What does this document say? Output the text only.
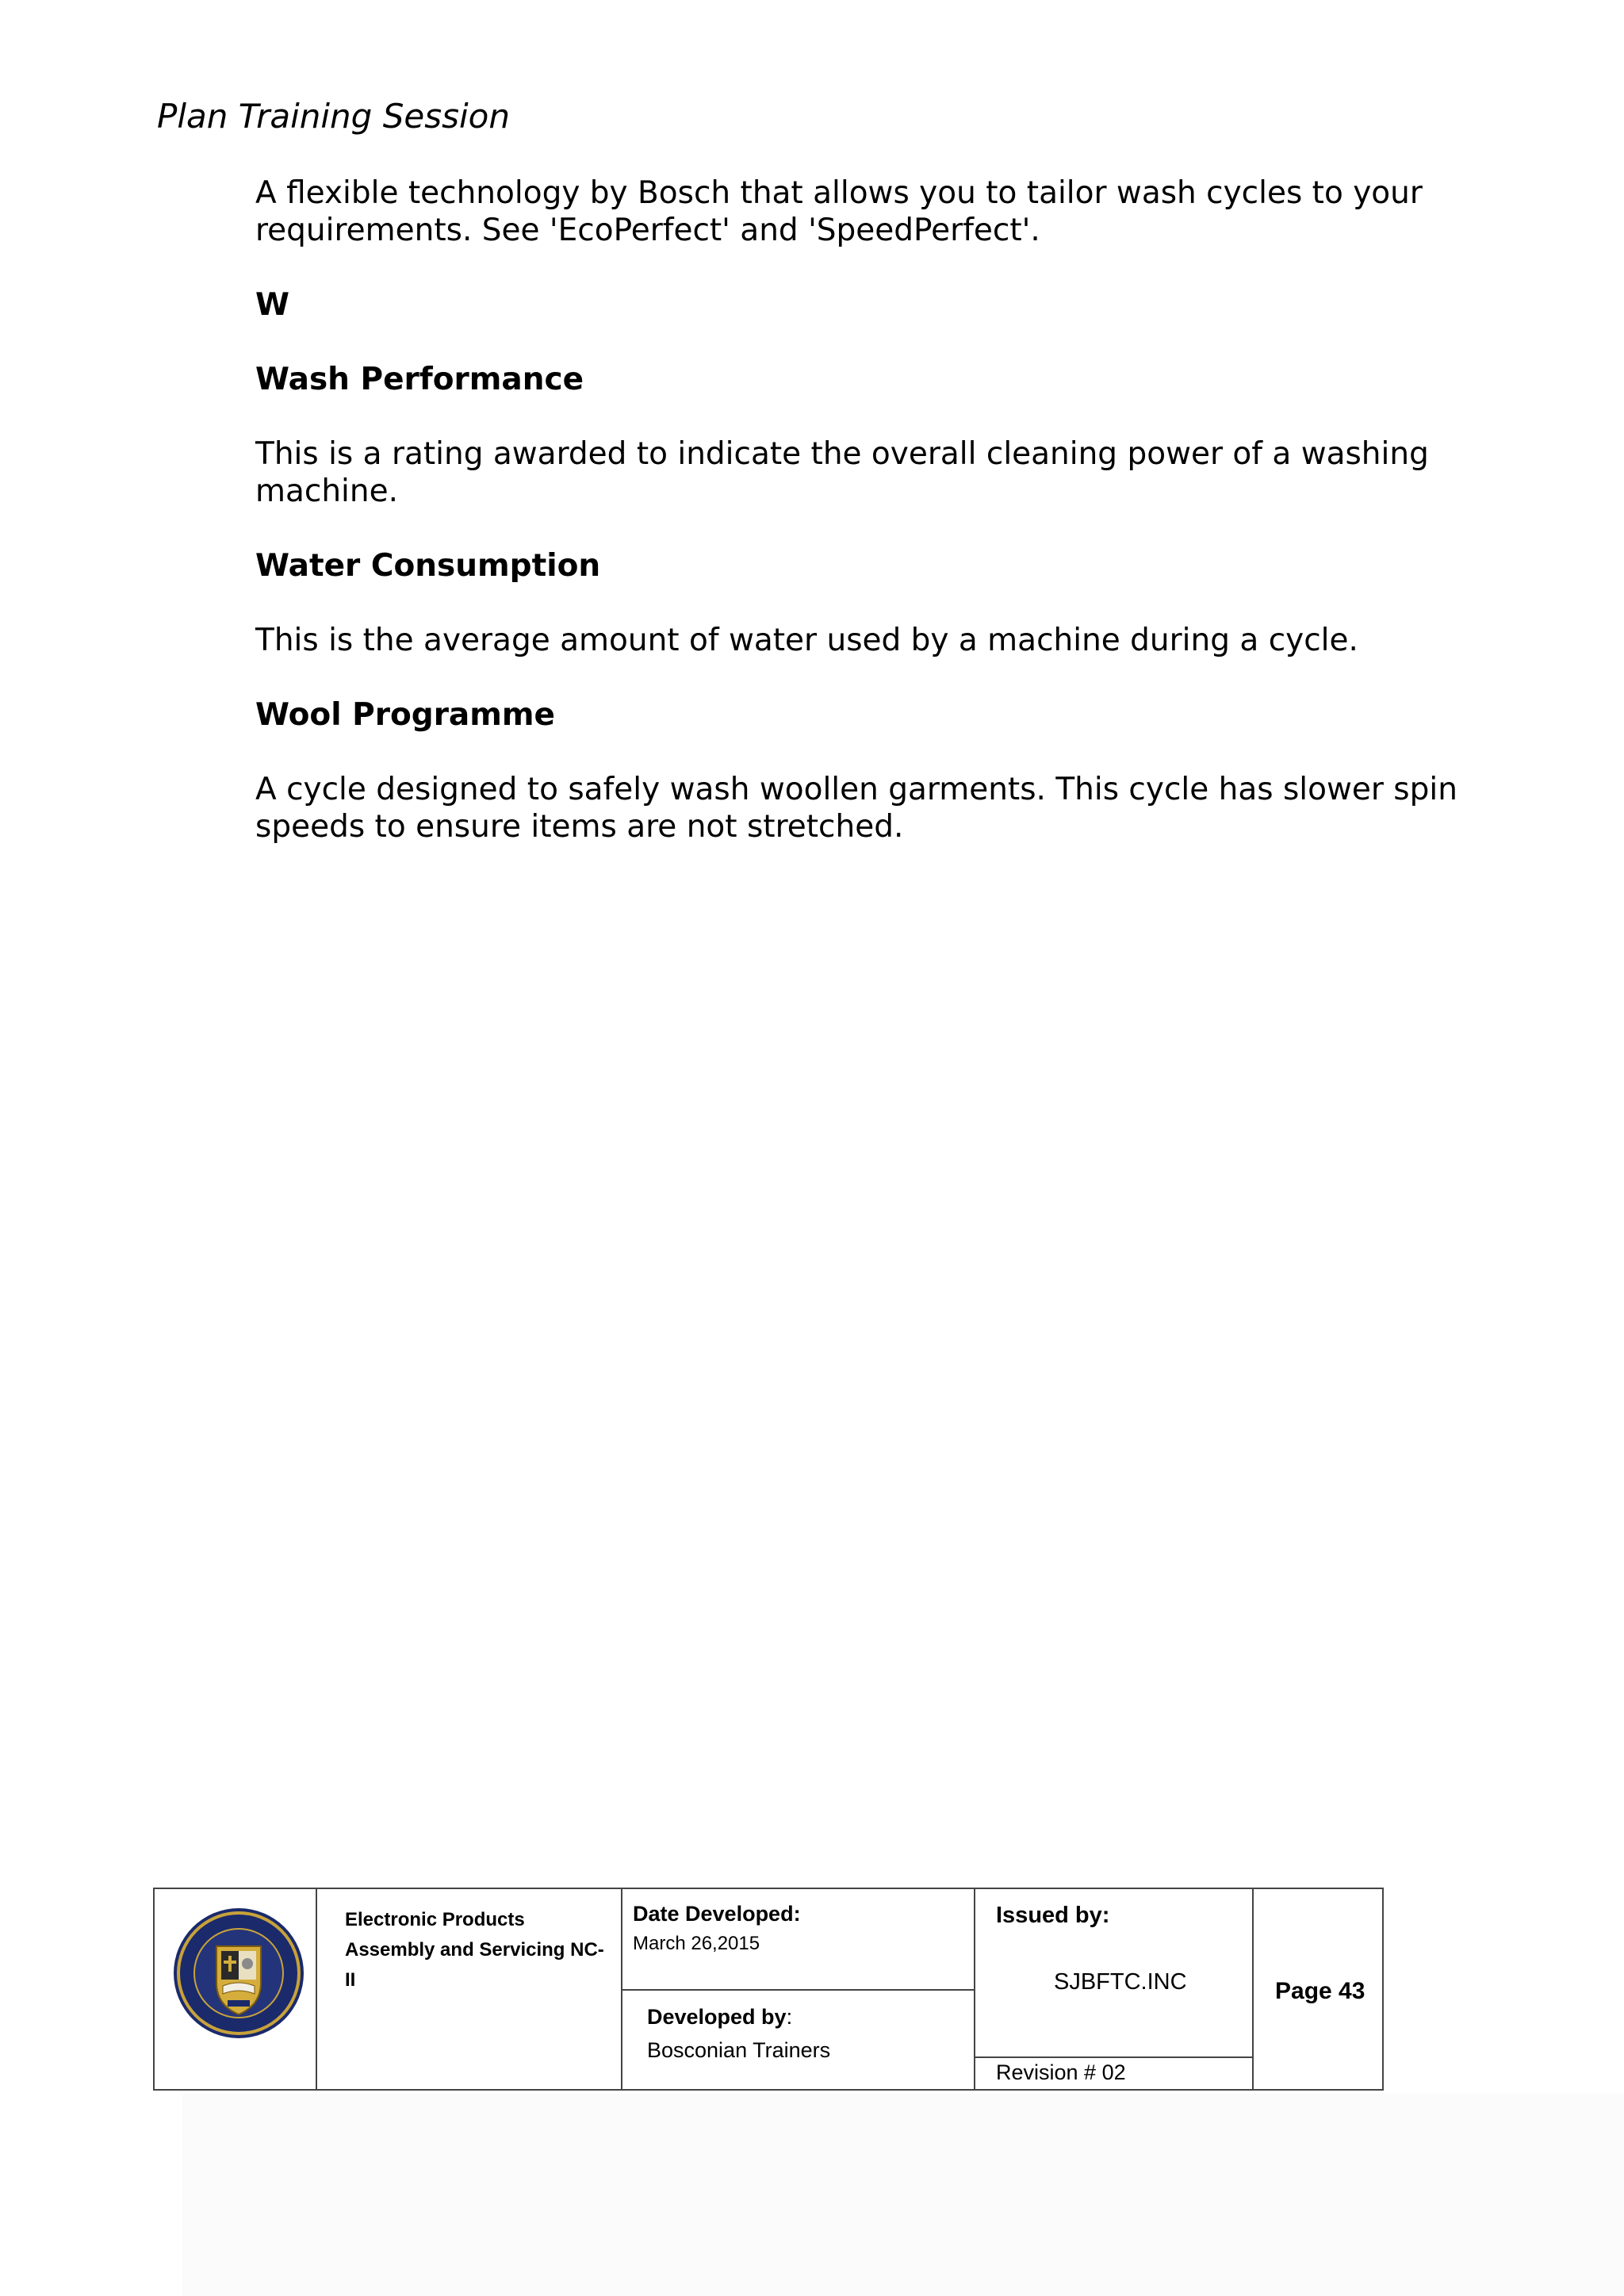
Plan Training Session

A flexible technology by Bosch that allows you to tailor wash cycles to your requirements. See 'EcoPerfect' and 'SpeedPerfect'.

W

Wash Performance

This is a rating awarded to indicate the overall cleaning power of a washing machine.

Water Consumption

This is the average amount of water used by a machine during a cycle.

Wool Programme

A cycle designed to safely wash woollen garments. This cycle has slower spin speeds to ensure items are not stretched.

Electronic Products
Assembly and Servicing NC-
II
Date Developed:
March 26,2015
Developed by:
Bosconian Trainers
Issued by:
SJBFTC.INC
Revision # 02
Page 43
